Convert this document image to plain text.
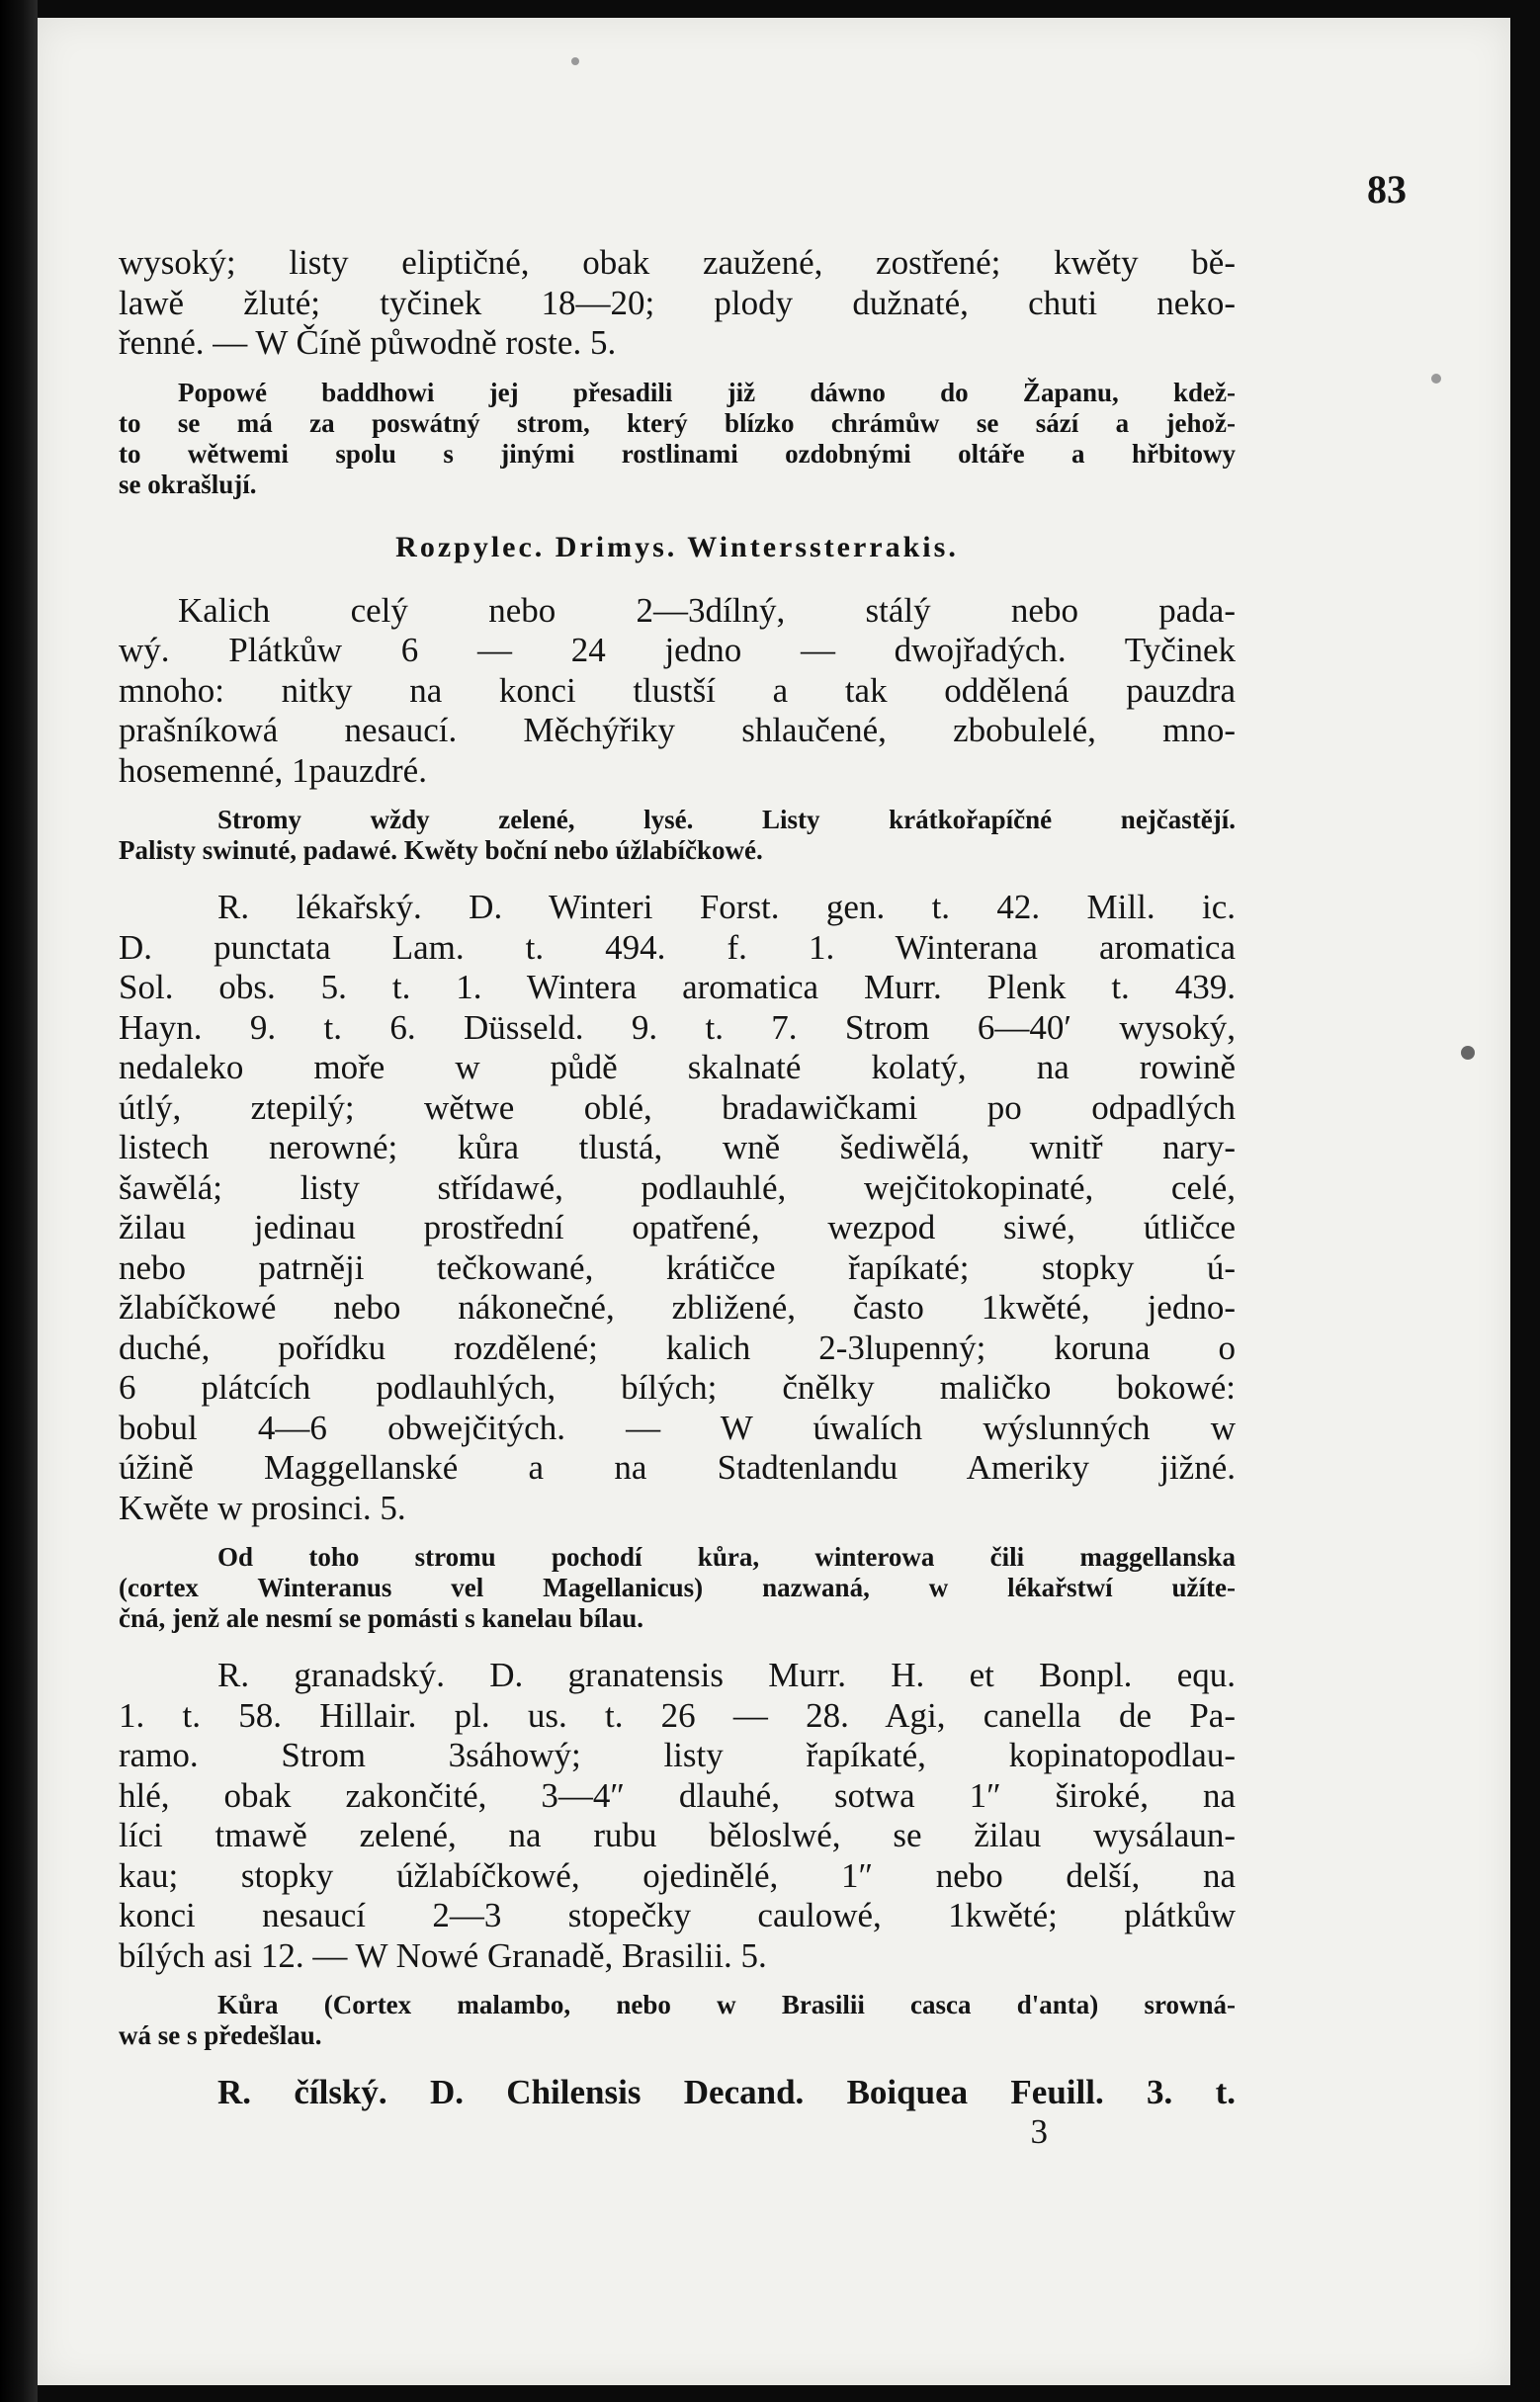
83
wysoký; listy eliptičné, obak zaužené, zostřené; kwěty bě-
lawě žluté; tyčinek 18—20; plody dužnaté, chuti neko-
řenné. — W Číně půwodně roste. 5.
Popowé baddhowi jej přesadili již dáwno do Žapanu, kdež-
to se má za poswátný strom, který blízko chrámůw se sází a jehož-
to wětwemi spolu s jinými rostlinami ozdobnými oltáře a hřbitowy
se okrašlují.
Rozpylec. Drimys. Winterssterrakis.
Kalich celý nebo 2—3dílný, stálý nebo pada-
wý. Plátkůw 6 — 24 jedno — dwojřadých. Tyčinek
mnoho: nitky na konci tlustší a tak oddělená pauzdra
prašníkowá nesaucí. Měchýřiky shlaučené, zbobulelé, mno-
hosemenné, 1pauzdré.
Stromy wždy zelené, lysé. Listy krátkořapíčné nejčastějí.
Palisty swinuté, padawé. Kwěty boční nebo úžlabíčkowé.
R. lékařský. D. Winteri Forst. gen. t. 42. Mill. ic.
D. punctata Lam. t. 494. f. 1. Winterana aromatica
Sol. obs. 5. t. 1. Wintera aromatica Murr. Plenk t. 439.
Hayn. 9. t. 6. Düsseld. 9. t. 7. Strom 6—40′ wysoký,
nedaleko moře w půdě skalnaté kolatý, na rowině
útlý, ztepilý; wětwe oblé, bradawičkami po odpadlých
listech nerowné; kůra tlustá, wně šediwělá, wnitř nary-
šawělá; listy střídawé, podlauhlé, wejčitokopinaté, celé,
žilau jedinau prostřední opatřené, wezpod siwé, útličce
nebo patrněji tečkowané, krátičce řapíkaté; stopky ú-
žlabíčkowé nebo nákonečné, zbližené, často 1kwěté, jedno-
duché, pořídku rozdělené; kalich 2-3lupenný; koruna o
6 plátcích podlauhlých, bílých; čnělky maličko bokowé:
bobul 4—6 obwejčitých. — W úwalích wýslunných w
úžině Maggellanské a na Stadtenlandu Ameriky jižné.
Kwěte w prosinci. 5.
Od toho stromu pochodí kůra, winterowa čili maggellanska
(cortex Winteranus vel Magellanicus) nazwaná, w lékařstwí užíte-
čná, jenž ale nesmí se pomásti s kanelau bílau.
R. granadský. D. granatensis Murr. H. et Bonpl. equ.
1. t. 58. Hillair. pl. us. t. 26 — 28. Agi, canella de Pa-
ramo. Strom 3sáhowý; listy řapíkaté, kopinatopodlau-
hlé, obak zakončité, 3—4″ dlauhé, sotwa 1″ široké, na
líci tmawě zelené, na rubu běloslwé, se žilau wysálaun-
kau; stopky úžlabíčkowé, ojedinělé, 1″ nebo delší, na
konci nesaucí 2—3 stopečky caulowé, 1kwěté; plátkůw
bílých asi 12. — W Nowé Granadě, Brasilii. 5.
Kůra (Cortex malambo, nebo w Brasilii casca d'anta) srowná-
wá se s předešlau.
R. čílský. D. Chilensis Decand. Boiquea Feuill. 3. t.
3
